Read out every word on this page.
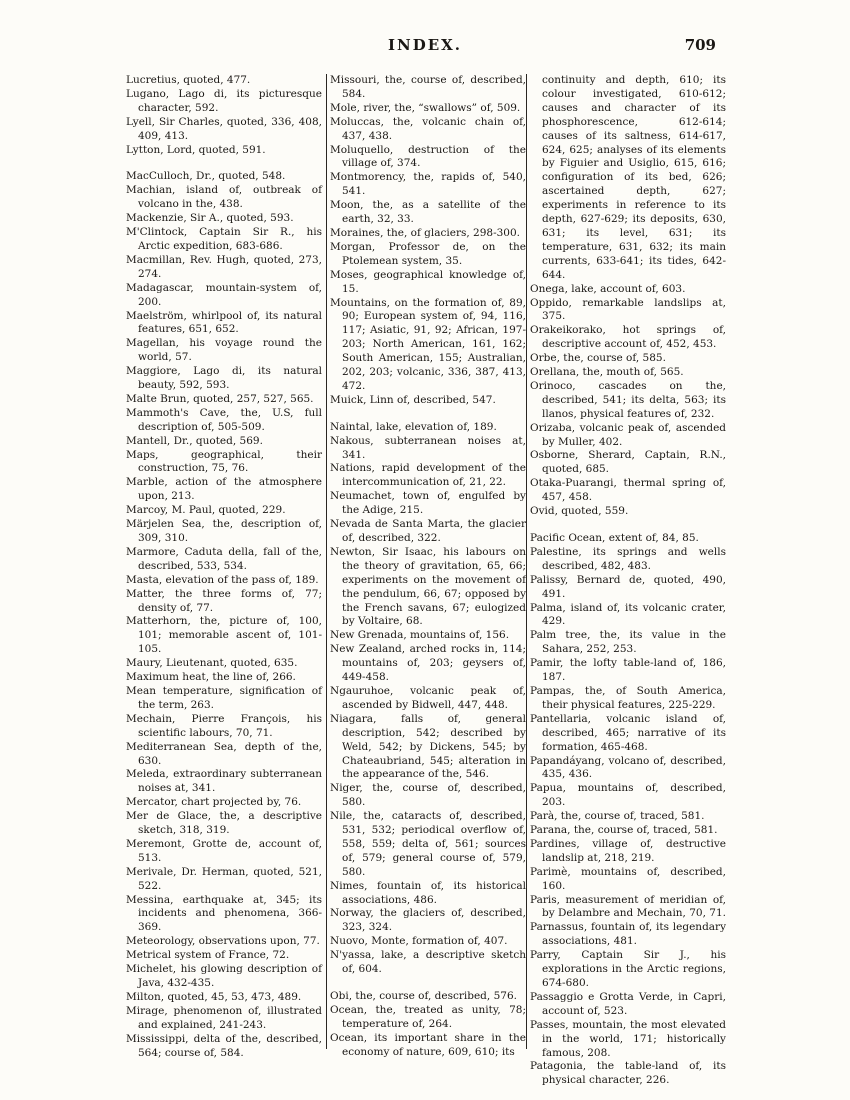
INDEX.	709

Lucretius, quoted, 477.

Lugano, Lago di, its picturesque character, 592.

Lyell, Sir Charles, quoted, 336, 408, 409, 413.

Lytton, Lord, quoted, 591.

MacCulloch, Dr., quoted, 548.

Machian, island of, outbreak of volcano in the, 438.

Mackenzie, Sir A., quoted, 593.

M'Clintock, Captain Sir R., his Arctic expedition, 683-686.

Macmillan, Rev. Hugh, quoted, 273, 274.

Madagascar, mountain-system of, 200.

Maelström, whirlpool of, its natural features, 651, 652.

Magellan, his voyage round the world, 57.

Maggiore, Lago di, its natural beauty, 592, 593.

Malte Brun, quoted, 257, 527, 565.

Mammoth's Cave, the, U.S, full description of, 505-509.

Mantell, Dr., quoted, 569.

Maps, geographical, their construction, 75, 76.

Marble, action of the atmosphere upon, 213.

Marcoy, M. Paul, quoted, 229.

Märjelen Sea, the, description of, 309, 310.

Marmore, Caduta della, fall of the, described, 533, 534.

Masta, elevation of the pass of, 189.

Matter, the three forms of, 77; density of, 77.

Matterhorn, the, picture of, 100, 101; memorable ascent of, 101-105.

Maury, Lieutenant, quoted, 635.

Maximum heat, the line of, 266.

Mean temperature, signification of the term, 263.

Mechain, Pierre François, his scientific labours, 70, 71.

Mediterranean Sea, depth of the, 630.

Meleda, extraordinary subterranean noises at, 341.

Mercator, chart projected by, 76.

Mer de Glace, the, a descriptive sketch, 318, 319.

Meremont, Grotte de, account of, 513.

Merivale, Dr. Herman, quoted, 521, 522.

Messina, earthquake at, 345; its incidents and phenomena, 366-369.

Meteorology, observations upon, 77.

Metrical system of France, 72.

Michelet, his glowing description of Java, 432-435.

Milton, quoted, 45, 53, 473, 489.

Mirage, phenomenon of, illustrated and explained, 241-243.

Mississippi, delta of the, described, 564; course of, 584.

Missouri, the, course of, described, 584.

Mole, river, the, “swallows” of, 509.

Moluccas, the, volcanic chain of, 437, 438.

Moluquello, destruction of the village of, 374.

Montmorency, the, rapids of, 540, 541.

Moon, the, as a satellite of the earth, 32, 33.

Moraines, the, of glaciers, 298-300.

Morgan, Professor de, on the Ptolemean system, 35.

Moses, geographical knowledge of, 15.

Mountains, on the formation of, 89, 90; European system of, 94, 116, 117; Asiatic, 91, 92; African, 197-203; North American, 161, 162; South American, 155; Australian, 202, 203; volcanic, 336, 387, 413, 472.

Muick, Linn of, described, 547.

Naintal, lake, elevation of, 189.

Nakous, subterranean noises at, 341.

Nations, rapid development of the intercommunication of, 21, 22.

Neumachet, town of, engulfed by the Adige, 215.

Nevada de Santa Marta, the glacier of, described, 322.

Newton, Sir Isaac, his labours on the theory of gravitation, 65, 66; experiments on the movement of the pendulum, 66, 67; opposed by the French savans, 67; eulogized by Voltaire, 68.

New Grenada, mountains of, 156.

New Zealand, arched rocks in, 114; mountains of, 203; geysers of, 449-458.

Ngauruhoe, volcanic peak of, ascended by Bidwell, 447, 448.

Niagara, falls of, general description, 542; described by Weld, 542; by Dickens, 545; by Chateaubriand, 545; alteration in the appearance of the, 546.

Niger, the, course of, described, 580.

Nile, the, cataracts of, described, 531, 532; periodical overflow of, 558, 559; delta of, 561; sources of, 579; general course of, 579, 580.

Nimes, fountain of, its historical associations, 486.

Norway, the glaciers of, described, 323, 324.

Nuovo, Monte, formation of, 407.

N'yassa, lake, a descriptive sketch of, 604.

Obi, the, course of, described, 576.

Ocean, the, treated as unity, 78; temperature of, 264.

Ocean, its important share in the economy of nature, 609, 610; its

continuity and depth, 610; its colour investigated, 610-612; causes and character of its phosphorescence, 612-614; causes of its saltness, 614-617, 624, 625; analyses of its elements by Figuier and Usiglio, 615, 616; configuration of its bed, 626; ascertained depth, 627; experiments in reference to its depth, 627-629; its deposits, 630, 631; its level, 631; its temperature, 631, 632; its main currents, 633-641; its tides, 642-644.

Onega, lake, account of, 603.

Oppido, remarkable landslips at, 375.

Orakeikorako, hot springs of, descriptive account of, 452, 453.

Orbe, the, course of, 585.

Orellana, the, mouth of, 565.

Orinoco, cascades on the, described, 541; its delta, 563; its llanos, physical features of, 232.

Orizaba, volcanic peak of, ascended by Muller, 402.

Osborne, Sherard, Captain, R.N., quoted, 685.

Otaka-Puarangi, thermal spring of, 457, 458.

Ovid, quoted, 559.

Pacific Ocean, extent of, 84, 85.

Palestine, its springs and wells described, 482, 483.

Palissy, Bernard de, quoted, 490, 491.

Palma, island of, its volcanic crater, 429.

Palm tree, the, its value in the Sahara, 252, 253.

Pamir, the lofty table-land of, 186, 187.

Pampas, the, of South America, their physical features, 225-229.

Pantellaria, volcanic island of, described, 465; narrative of its formation, 465-468.

Papandáyang, volcano of, described, 435, 436.

Papua, mountains of, described, 203.

Parà, the, course of, traced, 581.

Parana, the, course of, traced, 581.

Pardines, village of, destructive landslip at, 218, 219.

Parimè, mountains of, described, 160.

Paris, measurement of meridian of, by Delambre and Mechain, 70, 71.

Parnassus, fountain of, its legendary associations, 481.

Parry, Captain Sir J., his explorations in the Arctic regions, 674-680.

Passaggio e Grotta Verde, in Capri, account of, 523.

Passes, mountain, the most elevated in the world, 171; historically famous, 208.

Patagonia, the table-land of, its physical character, 226.
